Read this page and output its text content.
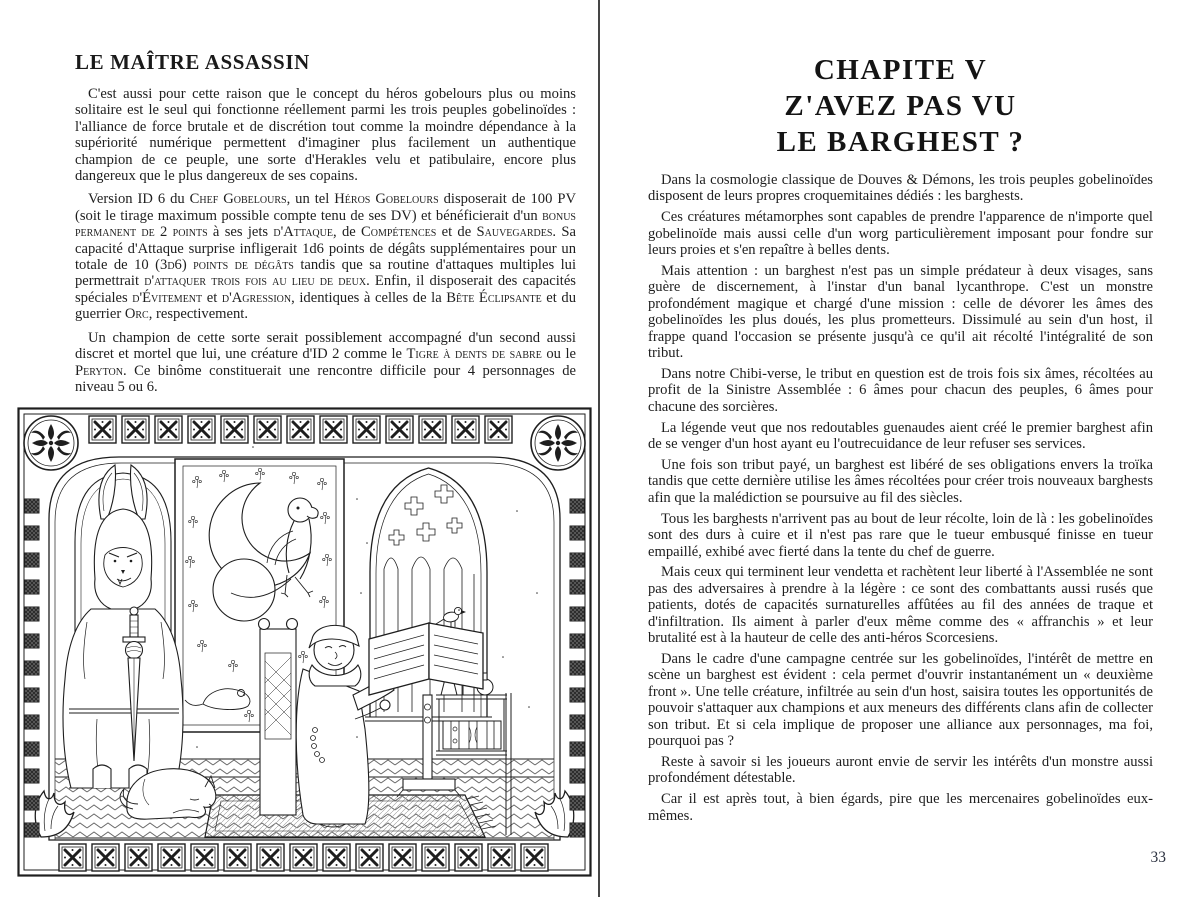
LE MAÎTRE ASSASSIN

C'est aussi pour cette raison que le concept du héros gobelours plus ou moins solitaire est le seul qui fonctionne réellement parmi les trois peuples gobelinoïdes : l'alliance de force brutale et de discrétion tout comme la moindre dépendance à la supériorité numérique permettent d'imaginer plus facilement un authentique champion de ce peuple, une sorte d'Herakles velu et patibulaire, encore plus dangereux que le plus dangereux de ses copains.

Version ID 6 du Chef Gobelours, un tel Héros Gobelours disposerait de 100 PV (soit le tirage maximum possible compte tenu de ses DV) et bénéficierait d'un bonus permanent de 2 points à ses jets d'Attaque, de Compétences et de Sauvegardes. Sa capacité d'Attaque surprise infligerait 1d6 points de dégâts supplémentaires pour un totale de 10 (3d6) points de dégâts tandis que sa routine d'attaques multiples lui permettrait d'attaquer trois fois au lieu de deux. Enfin, il disposerait des capacités spéciales d'Évitement et d'Agression, identiques à celles de la Bête Éclipsante et du guerrier Orc, respectivement.

Un champion de cette sorte serait possiblement accompagné d'un second aussi discret et mortel que lui, une créature d'ID 2 comme le Tigre à dents de sabre ou le Peryton. Ce binôme constituerait une rencontre difficile pour 4 personnages de niveau 5 ou 6.

CHAPITE V
Z'AVEZ PAS VU
LE BARGHEST ?

Dans la cosmologie classique de Douves & Démons, les trois peuples gobelinoïdes disposent de leurs propres croquemitaines dédiés : les barghests.

Ces créatures métamorphes sont capables de prendre l'apparence de n'importe quel gobelinoïde mais aussi celle d'un worg particulièrement imposant pour fondre sur leurs proies et s'en repaître à belles dents.

Mais attention : un barghest n'est pas un simple prédateur à deux visages, sans guère de discernement, à l'instar d'un banal lycanthrope. C'est un monstre profondément magique et chargé d'une mission : celle de dévorer les âmes des gobelinoïdes les plus doués, les plus prometteurs. Dissimulé au sein d'un host, il frappe quand l'occasion se présente jusqu'à ce qu'il ait récolté l'intégralité de son tribut.

Dans notre Chibi-verse, le tribut en question est de trois fois six âmes, récoltées au profit de la Sinistre Assemblée : 6 âmes pour chacun des peuples, 6 âmes pour chacune des sorcières.

La légende veut que nos redoutables guenaudes aient créé le premier barghest afin de se venger d'un host ayant eu l'outrecuidance de leur refuser ses services.

Une fois son tribut payé, un barghest est libéré de ses obligations envers la troïka tandis que cette dernière utilise les âmes récoltées pour créer trois nouveaux barghests afin que la malédiction se poursuive au fil des siècles.

Tous les barghests n'arrivent pas au bout de leur récolte, loin de là : les gobelinoïdes sont des durs à cuire et il n'est pas rare que le tueur embusqué finisse en tueur empaillé, exhibé avec fierté dans la tente du chef de guerre.

Mais ceux qui terminent leur vendetta et rachètent leur liberté à l'Assemblée ne sont pas des adversaires à prendre à la légère : ce sont des combattants aussi rusés que patients, dotés de capacités surnaturelles affûtées au fil des années de traque et d'infiltration. Ils aiment à parler d'eux même comme des « affranchis » et leur brutalité est à la hauteur de celle des anti-héros Scorcesiens.

Dans le cadre d'une campagne centrée sur les gobelinoïdes, l'intérêt de mettre en scène un barghest est évident : cela permet d'ouvrir instantanément un « deuxième front ». Une telle créature, infiltrée au sein d'un host, saisira toutes les opportunités de pouvoir s'attaquer aux champions et aux meneurs des différents clans afin de collecter son tribut. Et si cela implique de proposer une alliance aux personnages, ma foi, pourquoi pas ?

Reste à savoir si les joueurs auront envie de servir les intérêts d'un monstre aussi profondément détestable.

Car il est après tout, à bien égards, pire que les mercenaires gobelinoïdes eux-mêmes.

33
